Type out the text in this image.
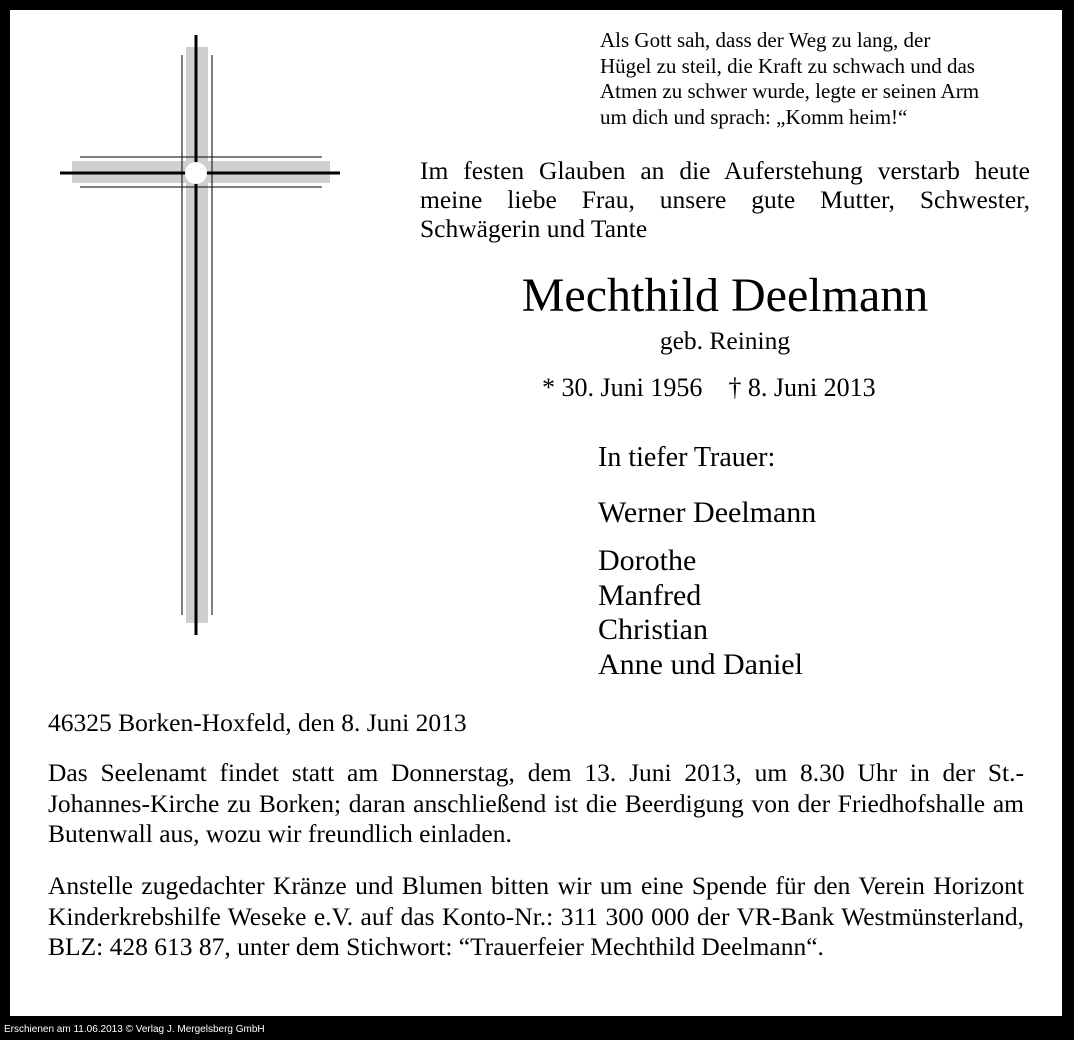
Als Gott sah, dass der Weg zu lang, der
Hügel zu steil, die Kraft zu schwach und das
Atmen zu schwer wurde, legte er seinen Arm
um dich und sprach: „Komm heim!“
Im festen Glauben an die Auferstehung verstarb heute meine liebe Frau, unsere gute Mutter, Schwester, Schwägerin und Tante
Mechthild Deelmann
geb. Reining
* 30. Juni 1956    † 8. Juni 2013
In tiefer Trauer:
Werner Deelmann
Dorothe
Manfred
Christian
Anne und Daniel
46325 Borken-Hoxfeld, den 8. Juni 2013
Das Seelenamt findet statt am Donnerstag, dem 13. Juni 2013, um 8.30 Uhr in der St.-Johannes-Kirche zu Borken; daran anschließend ist die Beerdigung von der Friedhofshalle am Butenwall aus, wozu wir freundlich einladen.
Anstelle zugedachter Kränze und Blumen bitten wir um eine Spende für den Verein Horizont Kinderkrebshilfe Weseke e.V. auf das Konto-Nr.: 311 300 000 der VR-Bank Westmünsterland, BLZ: 428 613 87, unter dem Stichwort: “Trauerfeier Mechthild Deelmann“.
Erschienen am 11.06.2013 © Verlag J. Mergelsberg GmbH
